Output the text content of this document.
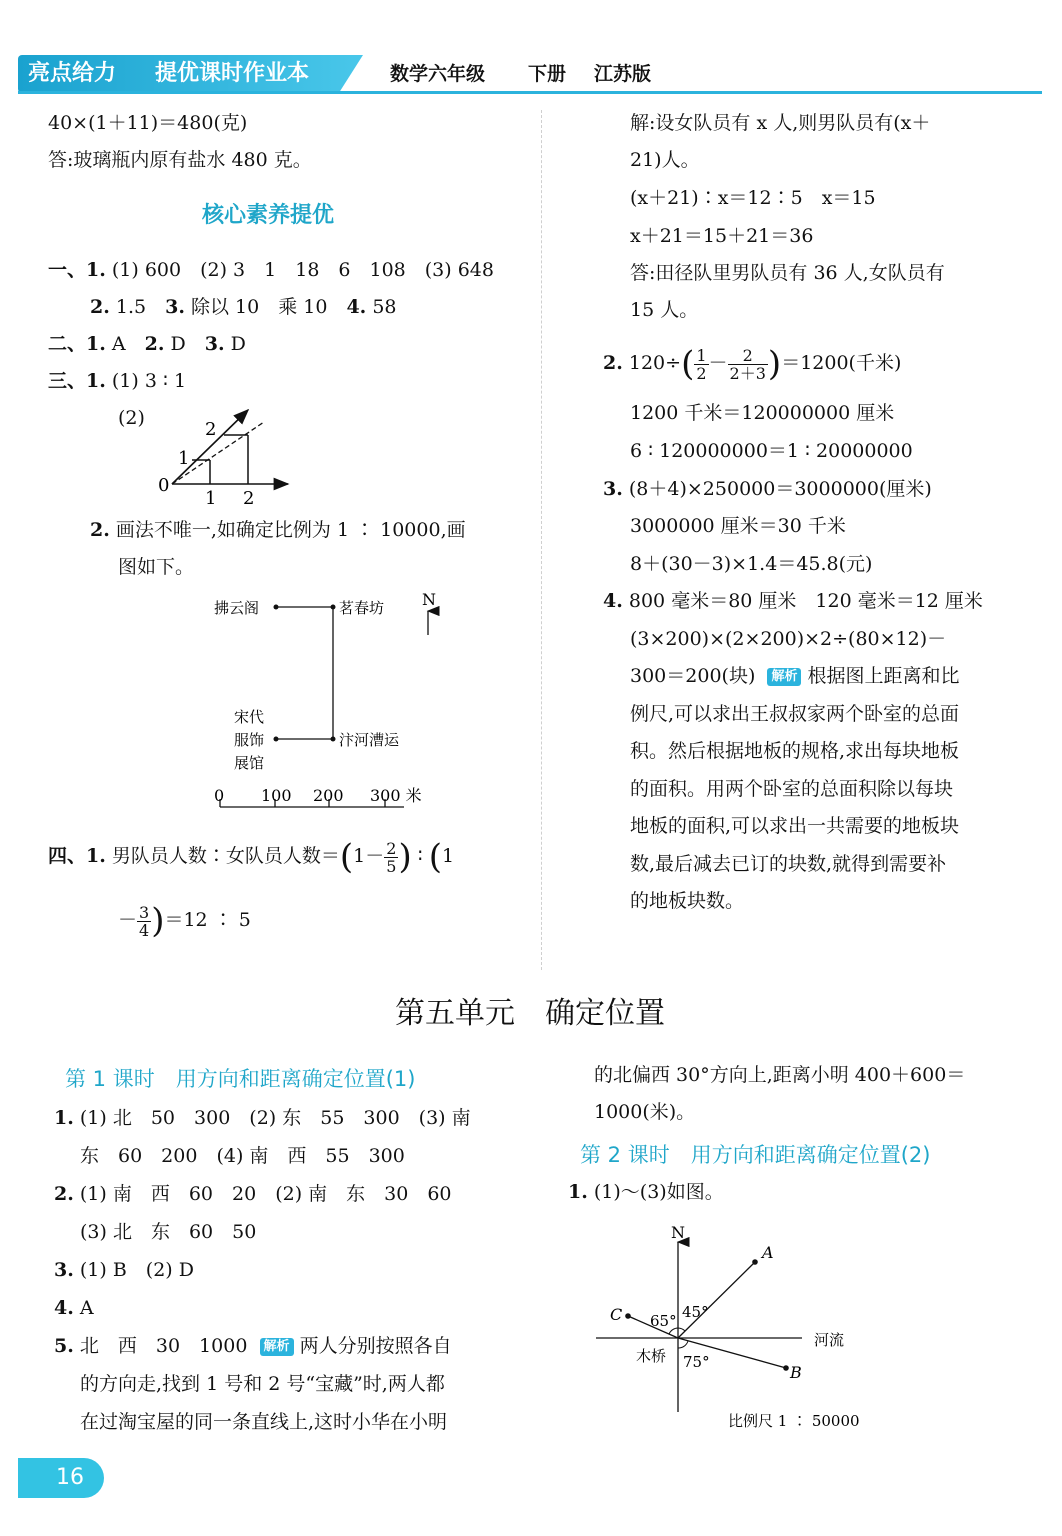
亮点给力 提优课时作业本	数学六年级 下册 江苏版
40×(1＋11)＝480(克)
答:玻璃瓶内原有盐水 480 克。
核心素养提优
一、1. (1) 600　(2) 3　1　18　6　108　(3) 648
2. 1.5　3. 除以 10　乘 10　4. 58
二、1. A　2. D　3. D
三、1. (1) 3 ∶ 1
(2)
0
1 2
1
2
2. 画法不唯一,如确定比例为 1 ∶ 10000,画
图如下。
拂云阁	茗春坊
宋代
服饰
展馆
汴河漕运
N
0 100 200 300 米
四、1. 男队员人数∶女队员人数$=(1- \frac{2}{5}$ ) ∶ (1
－ $\frac{3}{4} )=12$ ∶ 5
解:设女队员有 x 人,则男队员有(x＋
21)人。
(x＋21)∶x＝12∶5　x＝15
x＋21＝15＋21＝36
答:田径队里男队员有 36 人,女队员有
15 人。
2. $120\div( \frac{1}{2} - \frac{2}{2+3} )=1200$(千米)
1200 千米＝120000000 厘米
6 ∶ 120000000＝1 ∶ 20000000
3. (8＋4)×250000＝3000000(厘米)
3000000 厘米＝30 千米
8＋(30－3)×1.4＝45.8(元)
4. 800 毫米＝80 厘米　120 毫米＝12 厘米
(3×200)×(2×200)×2÷(80×12)－
300＝200(块) 解析 根据图上距离和比
例尺,可以求出王叔叔家两个卧室的总面
积。然后根据地板的规格,求出每块地板
的面积。用两个卧室的总面积除以每块
地板的面积,可以求出一共需要的地板块
数,最后减去已订的块数,就得到需要补
的地板块数。
第五单元　确定位置
第 1 课时　用方向和距离确定位置(1)
1. (1) 北　50　300　(2) 东　55　300　(3) 南
东　60　200　(4) 南　西　55　300
2. (1) 南　西　60　20　(2) 南　东　30　60
(3) 北　东　60　50
3. (1) B　(2) D
4. A
5. 北　西　30　1000 解析 两人分别按照各自
的方向走,找到 1 号和 2 号“宝藏”时,两人都
在过淘宝屋的同一条直线上,这时小华在小明
的北偏西 30°方向上,距离小明 400＋600＝
1000(米)。
第 2 课时　用方向和距离确定位置(2)
1. (1)～(3)如图。
N
A
B
C	45°
65°
75°
河流
木桥
比例尺 1 ∶ 50000
16
